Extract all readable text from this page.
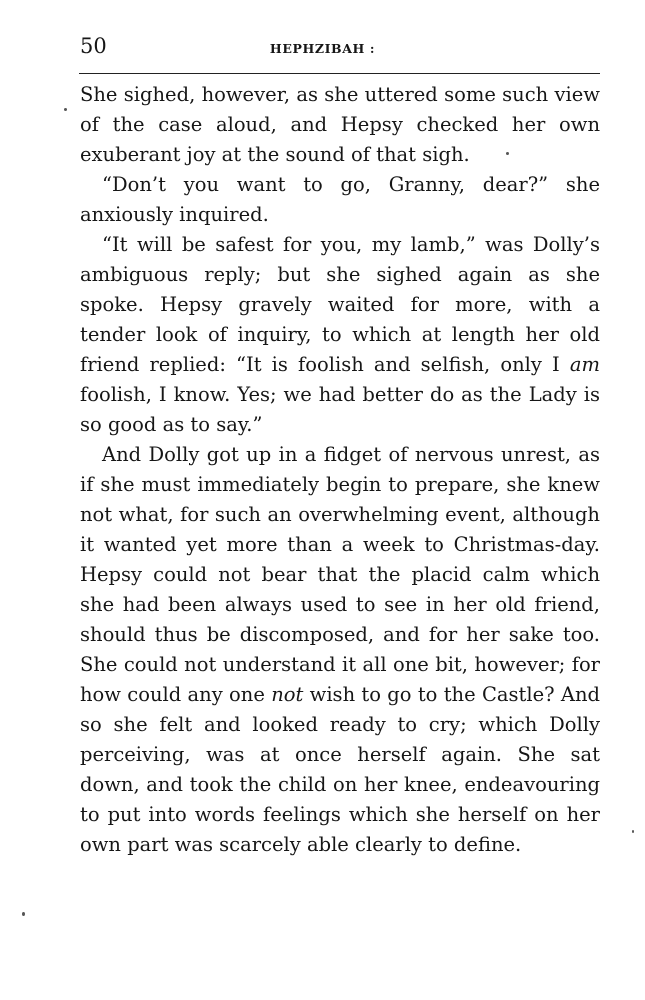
50	HEPHZIBAH :

She sighed, however, as she uttered some such view of the case aloud, and Hepsy checked her own exuberant joy at the sound of that sigh.

“Don’t you want to go, Granny, dear?” she anxiously inquired.

“It will be safest for you, my lamb,” was Dolly’s ambiguous reply; but she sighed again as she spoke. Hepsy gravely waited for more, with a tender look of inquiry, to which at length her old friend replied: “It is foolish and selfish, only I am foolish, I know. Yes; we had better do as the Lady is so good as to say.”

And Dolly got up in a fidget of nervous unrest, as if she must immediately begin to prepare, she knew not what, for such an overwhelming event, although it wanted yet more than a week to Christmas-day. Hepsy could not bear that the placid calm which she had been always used to see in her old friend, should thus be discomposed, and for her sake too. She could not understand it all one bit, however; for how could any one not wish to go to the Castle? And so she felt and looked ready to cry; which Dolly perceiving, was at once herself again. She sat down, and took the child on her knee, endeavouring to put into words feelings which she herself on her own part was scarcely able clearly to define.
